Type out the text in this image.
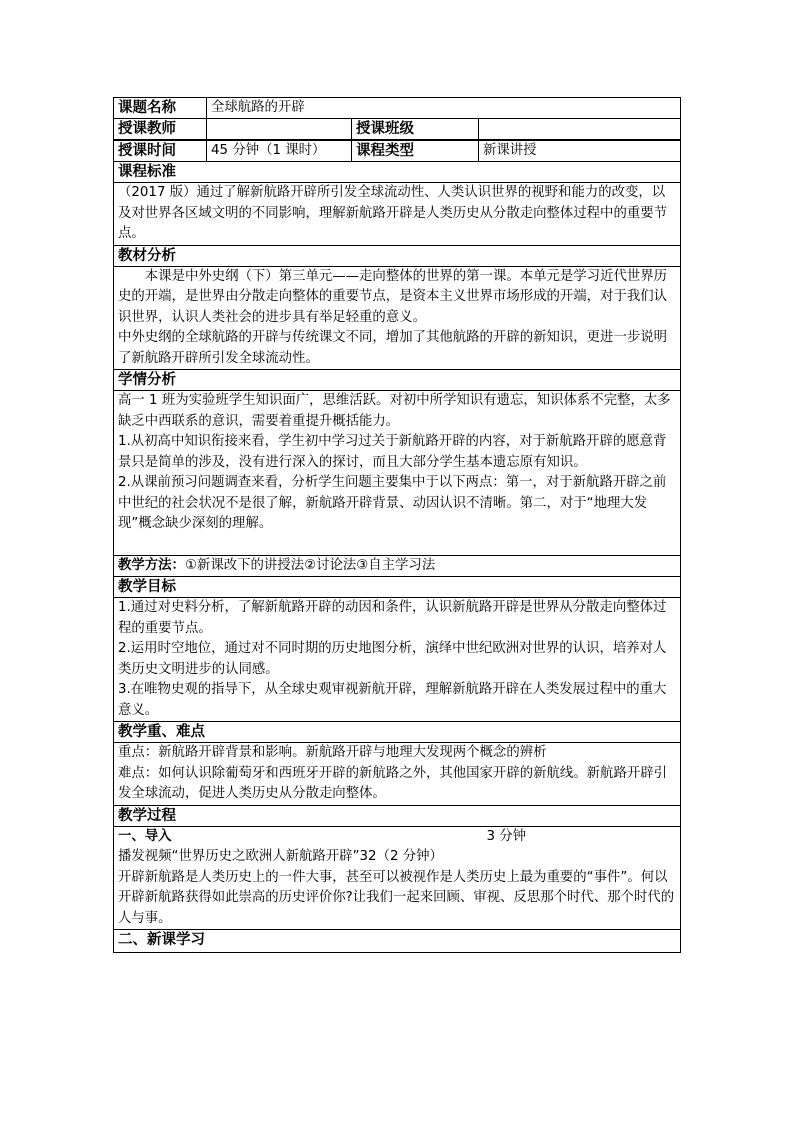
课题名称	全球航路的开辟		
授课教师		授课班级	
授课时间	45 分钟（1 课时）	课程类型	新课讲授
课程标准			

（2017 版）通过了解新航路开辟所引发全球流动性、人类认识世界的视野和能力的改变，以及对世界各区域文明的不同影响，理解新航路开辟是人类历史从分散走向整体过程中的重要节点。			

教材分析			

本课是中外史纲（下）第三单元——走向整体的世界的第一课。本单元是学习近代世界历史的开端，是世界由分散走向整体的重要节点，是资本主义世界市场形成的开端，对于我们认识世界，认识人类社会的进步具有举足轻重的意义。

中外史纲的全球航路的开辟与传统课文不同，增加了其他航路的开辟的新知识，更进一步说明了新航路开辟所引发全球流动性。			

学情分析			

高一 1 班为实验班学生知识面广，思维活跃。对初中所学知识有遗忘，知识体系不完整，太多缺乏中西联系的意识，需要着重提升概括能力。

1.从初高中知识衔接来看，学生初中学习过关于新航路开辟的内容，对于新航路开辟的愿意背景只是简单的涉及，没有进行深入的探讨，而且大部分学生基本遗忘原有知识。

2.从课前预习问题调查来看，分析学生问题主要集中于以下两点：第一，对于新航路开辟之前中世纪的社会状况不是很了解，新航路开辟背景、动因认识不清晰。第二，对于“地理大发现”概念缺少深刻的理解。			

教学方法：①新课改下的讲授法②讨论法③自主学习法			
教学目标			

1.通过对史料分析，了解新航路开辟的动因和条件，认识新航路开辟是世界从分散走向整体过程的重要节点。

2.运用时空地位，通过对不同时期的历史地图分析，演绎中世纪欧洲对世界的认识，培养对人类历史文明进步的认同感。

3.在唯物史观的指导下，从全球史观审视新航开辟，理解新航路开辟在人类发展过程中的重大意义。			

教学重、难点			

重点：新航路开辟背景和影响。新航路开辟与地理大发现两个概念的辨析

难点：如何认识除葡萄牙和西班牙开辟的新航路之外，其他国家开辟的新航线。新航路开辟引发全球流动，促进人类历史从分散走向整体。			

教学过程			

一、导入 3 分钟

播发视频“世界历史之欧洲人新航路开辟”32（2 分钟）

开辟新航路是人类历史上的一件大事，甚至可以被视作是人类历史上最为重要的“事件”。何以开辟新航路获得如此崇高的历史评价你?让我们一起来回顾、审视、反思那个时代、那个时代的人与事。			

二、新课学习			
